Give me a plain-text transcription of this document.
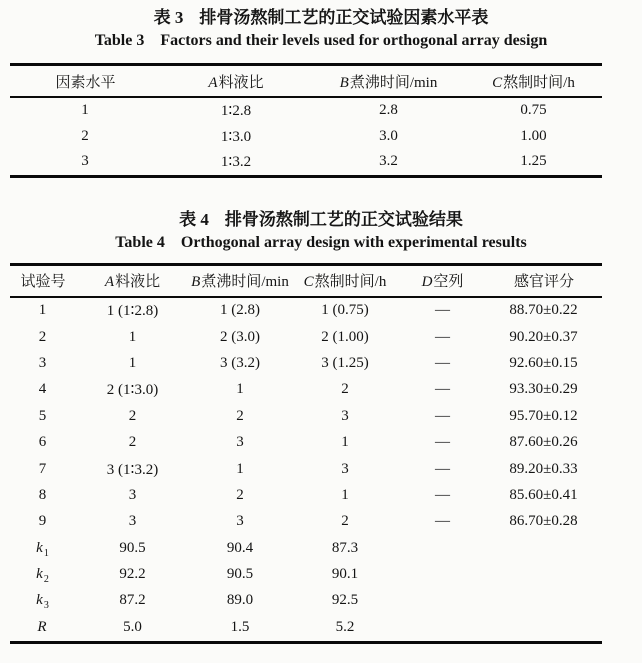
表 3 排骨汤熬制工艺的正交试验因素水平表
Table 3 Factors and their levels used for orthogonal array design
因素水平	A料液比	B煮沸时间/min	C熬制时间/h
1	1∶2.8	2.8	0.75
2	1∶3.0	3.0	1.00
3	1∶3.2	3.2	1.25
表 4 排骨汤熬制工艺的正交试验结果
Table 4 Orthogonal array design with experimental results
试验号	A料液比	B煮沸时间/min	C熬制时间/h	D空列	感官评分
1	1 (1∶2.8)	1 (2.8)	1 (0.75)	—	88.70±0.22
2	1	2 (3.0)	2 (1.00)	—	90.20±0.37
3	1	3 (3.2)	3 (1.25)	—	92.60±0.15
4	2 (1∶3.0)	1	2	—	93.30±0.29
5	2	2	3	—	95.70±0.12
6	2	3	1	—	87.60±0.26
7	3 (1∶3.2)	1	3	—	89.20±0.33
8	3	2	1	—	85.60±0.41
9	3	3	2	—	86.70±0.28
$k_1$	90.5	90.4	87.3		
$k_2$	92.2	90.5	90.1		
$k_3$	87.2	89.0	92.5		
R	5.0	1.5	5.2		
